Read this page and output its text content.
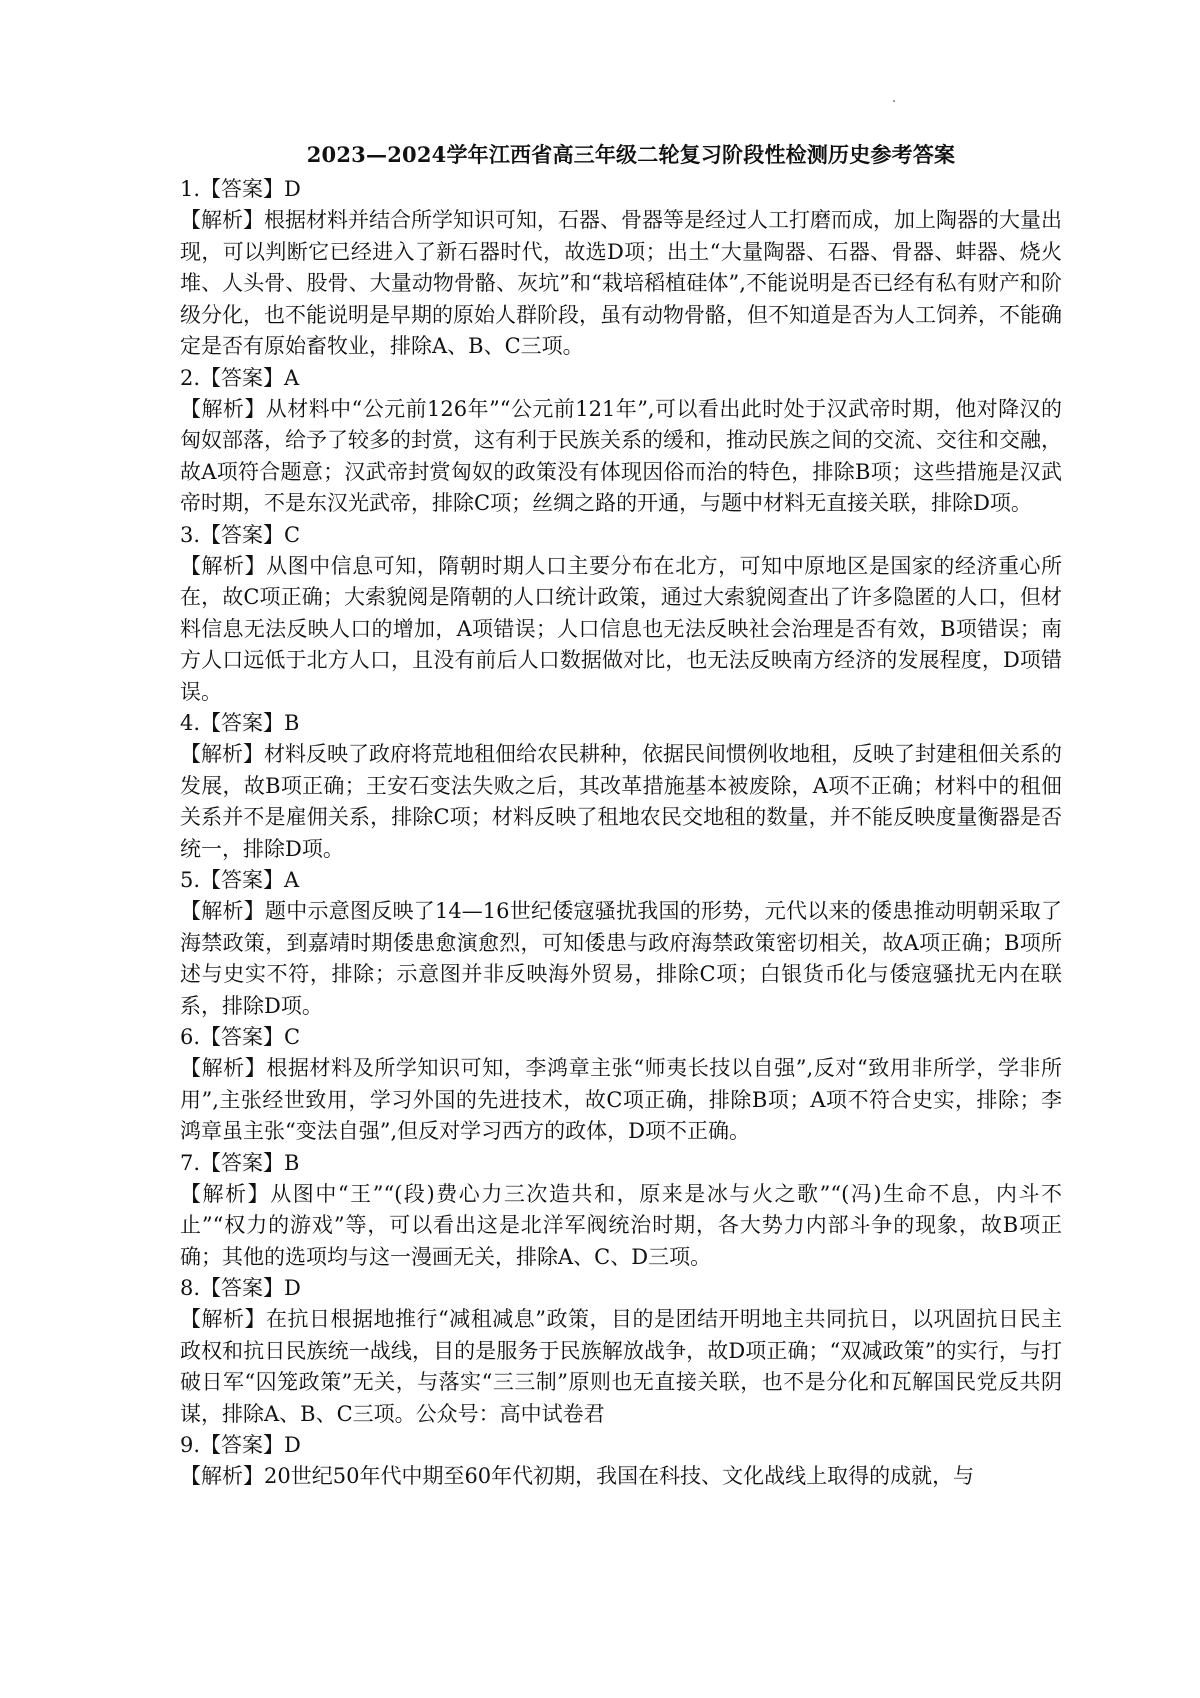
2023—2024学年江西省高三年级二轮复习阶段性检测历史参考答案

1.【答案】D

【解析】根据材料并结合所学知识可知，石器、骨器等是经过人工打磨而成，加上陶器的大量出现，可以判断它已经进入了新石器时代，故选D项；出土“大量陶器、石器、骨器、蚌器、烧火堆、人头骨、股骨、大量动物骨骼、灰坑”和“栽培稻植硅体”,不能说明是否已经有私有财产和阶级分化，也不能说明是早期的原始人群阶段，虽有动物骨骼，但不知道是否为人工饲养，不能确定是否有原始畜牧业，排除A、B、C三项。

2.【答案】A

【解析】从材料中“公元前126年”“公元前121年”,可以看出此时处于汉武帝时期，他对降汉的匈奴部落，给予了较多的封赏，这有利于民族关系的缓和，推动民族之间的交流、交往和交融，故A项符合题意；汉武帝封赏匈奴的政策没有体现因俗而治的特色，排除B项；这些措施是汉武帝时期，不是东汉光武帝，排除C项；丝绸之路的开通，与题中材料无直接关联，排除D项。

3.【答案】C

【解析】从图中信息可知，隋朝时期人口主要分布在北方，可知中原地区是国家的经济重心所在，故C项正确；大索貌阅是隋朝的人口统计政策，通过大索貌阅查出了许多隐匿的人口，但材料信息无法反映人口的增加，A项错误；人口信息也无法反映社会治理是否有效，B项错误；南方人口远低于北方人口，且没有前后人口数据做对比，也无法反映南方经济的发展程度，D项错误。

4.【答案】B

【解析】材料反映了政府将荒地租佃给农民耕种，依据民间惯例收地租，反映了封建租佃关系的发展，故B项正确；王安石变法失败之后，其改革措施基本被废除，A项不正确；材料中的租佃关系并不是雇佣关系，排除C项；材料反映了租地农民交地租的数量，并不能反映度量衡器是否统一，排除D项。

5.【答案】A

【解析】题中示意图反映了14—16世纪倭寇骚扰我国的形势，元代以来的倭患推动明朝采取了海禁政策，到嘉靖时期倭患愈演愈烈，可知倭患与政府海禁政策密切相关，故A项正确；B项所述与史实不符，排除；示意图并非反映海外贸易，排除C项；白银货币化与倭寇骚扰无内在联系，排除D项。

6.【答案】C

【解析】根据材料及所学知识可知，李鸿章主张“师夷长技以自强”,反对“致用非所学，学非所用”,主张经世致用，学习外国的先进技术，故C项正确，排除B项；A项不符合史实，排除；李鸿章虽主张“变法自强”,但反对学习西方的政体，D项不正确。

7.【答案】B

【解析】从图中“王”“(段)费心力三次造共和，原来是冰与火之歌”“(冯)生命不息，内斗不止”“权力的游戏”等，可以看出这是北洋军阀统治时期，各大势力内部斗争的现象，故B项正确；其他的选项均与这一漫画无关，排除A、C、D三项。

8.【答案】D

【解析】在抗日根据地推行“减租减息”政策，目的是团结开明地主共同抗日，以巩固抗日民主政权和抗日民族统一战线，目的是服务于民族解放战争，故D项正确；“双减政策”的实行，与打破日军“囚笼政策”无关，与落实“三三制”原则也无直接关联，也不是分化和瓦解国民党反共阴谋，排除A、B、C三项。公众号：高中试卷君

9.【答案】D

【解析】20世纪50年代中期至60年代初期，我国在科技、文化战线上取得的成就，与
